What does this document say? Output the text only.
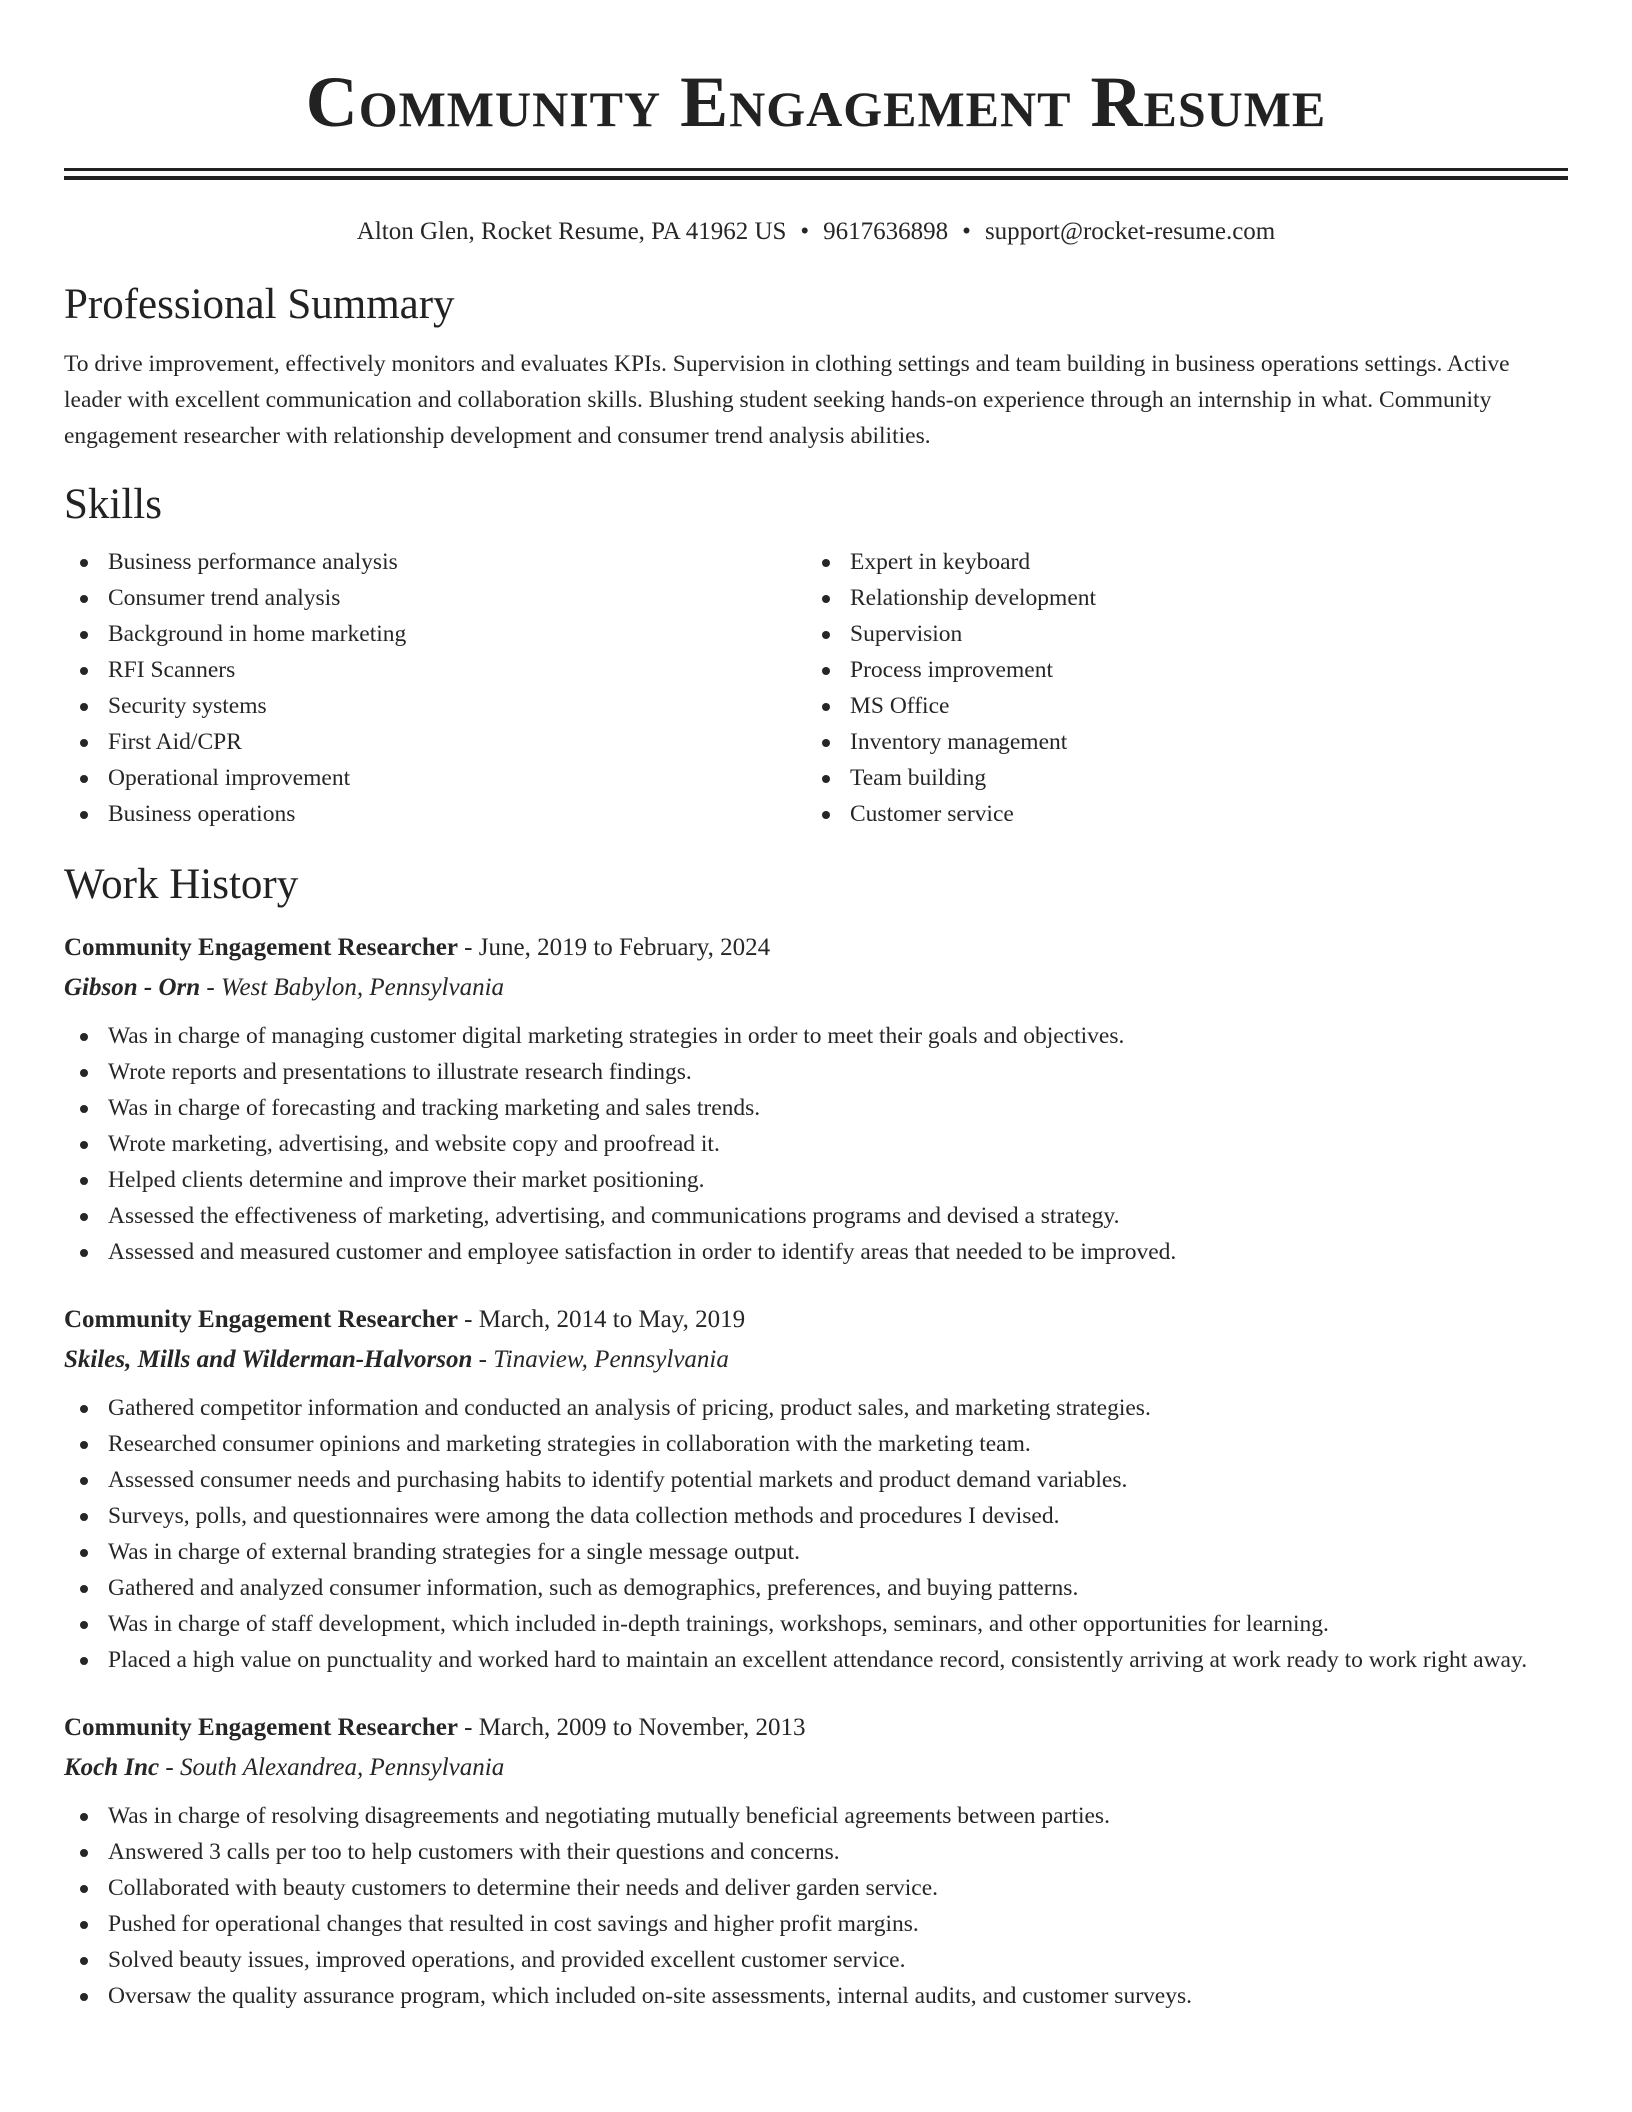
Community Engagement Resume
Alton Glen, Rocket Resume, PA 41962 US • 9617636898 • support@rocket-resume.com
Professional Summary

To drive improvement, effectively monitors and evaluates KPIs. Supervision in clothing settings and team building in business operations settings. Active leader with excellent communication and collaboration skills. Blushing student seeking hands-on experience through an internship in what. Community engagement researcher with relationship development and consumer trend analysis abilities.

Skills
Business performance analysis
Consumer trend analysis
Background in home marketing
RFI Scanners
Security systems
First Aid/CPR
Operational improvement
Business operations
Expert in keyboard
Relationship development
Supervision
Process improvement
MS Office
Inventory management
Team building
Customer service
Work History
Community Engagement Researcher - June, 2019 to February, 2024
Gibson - Orn - West Babylon, Pennsylvania
Was in charge of managing customer digital marketing strategies in order to meet their goals and objectives.
Wrote reports and presentations to illustrate research findings.
Was in charge of forecasting and tracking marketing and sales trends.
Wrote marketing, advertising, and website copy and proofread it.
Helped clients determine and improve their market positioning.
Assessed the effectiveness of marketing, advertising, and communications programs and devised a strategy.
Assessed and measured customer and employee satisfaction in order to identify areas that needed to be improved.
Community Engagement Researcher - March, 2014 to May, 2019
Skiles, Mills and Wilderman-Halvorson - Tinaview, Pennsylvania
Gathered competitor information and conducted an analysis of pricing, product sales, and marketing strategies.
Researched consumer opinions and marketing strategies in collaboration with the marketing team.
Assessed consumer needs and purchasing habits to identify potential markets and product demand variables.
Surveys, polls, and questionnaires were among the data collection methods and procedures I devised.
Was in charge of external branding strategies for a single message output.
Gathered and analyzed consumer information, such as demographics, preferences, and buying patterns.
Was in charge of staff development, which included in-depth trainings, workshops, seminars, and other opportunities for learning.
Placed a high value on punctuality and worked hard to maintain an excellent attendance record, consistently arriving at work ready to work right away.
Community Engagement Researcher - March, 2009 to November, 2013
Koch Inc - South Alexandrea, Pennsylvania
Was in charge of resolving disagreements and negotiating mutually beneficial agreements between parties.
Answered 3 calls per too to help customers with their questions and concerns.
Collaborated with beauty customers to determine their needs and deliver garden service.
Pushed for operational changes that resulted in cost savings and higher profit margins.
Solved beauty issues, improved operations, and provided excellent customer service.
Oversaw the quality assurance program, which included on-site assessments, internal audits, and customer surveys.
